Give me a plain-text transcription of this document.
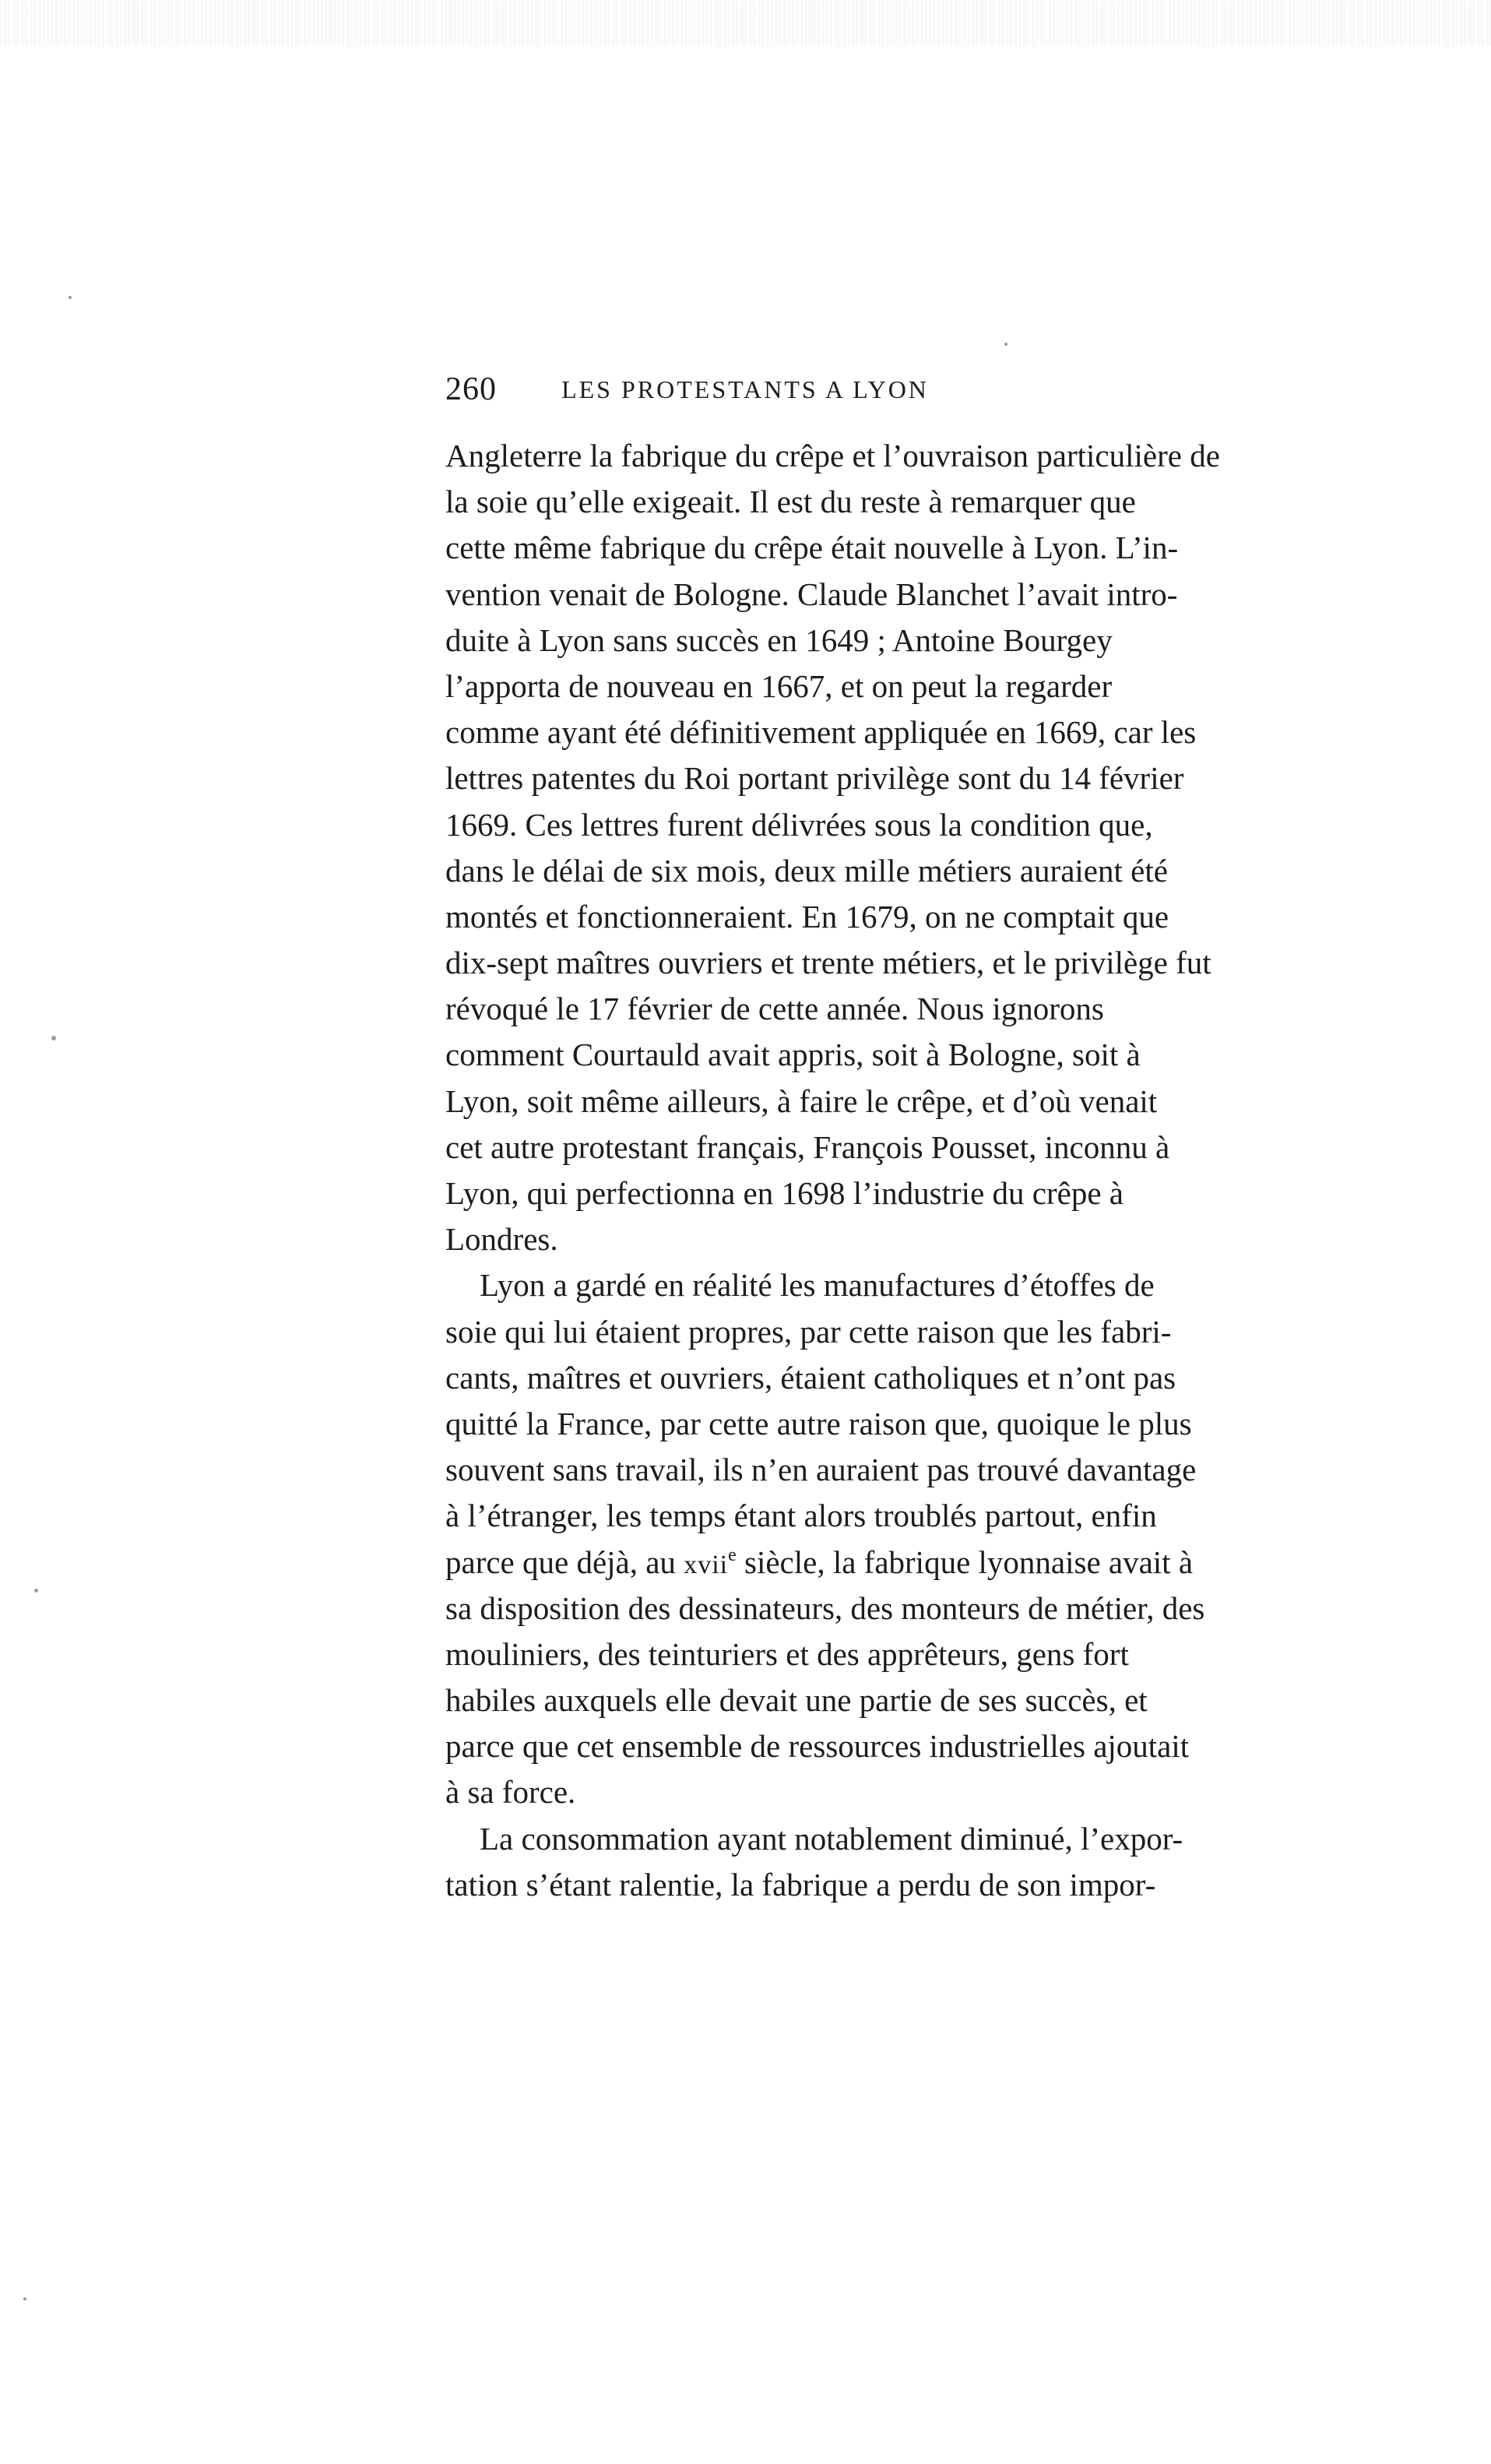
260	LES PROTESTANTS A LYON
Angleterre la fabrique du crêpe et l’ouvraison particulière de
la soie qu’elle exigeait. Il est du reste à remarquer que
cette même fabrique du crêpe était nouvelle à Lyon. L’in-
vention venait de Bologne. Claude Blanchet l’avait intro-
duite à Lyon sans succès en 1649 ; Antoine Bourgey
l’apporta de nouveau en 1667, et on peut la regarder
comme ayant été définitivement appliquée en 1669, car les
lettres patentes du Roi portant privilège sont du 14 février
1669. Ces lettres furent délivrées sous la condition que,
dans le délai de six mois, deux mille métiers auraient été
montés et fonctionneraient. En 1679, on ne comptait que
dix-sept maîtres ouvriers et trente métiers, et le privilège fut
révoqué le 17 février de cette année. Nous ignorons
comment Courtauld avait appris, soit à Bologne, soit à
Lyon, soit même ailleurs, à faire le crêpe, et d’où venait
cet autre protestant français, François Pousset, inconnu à
Lyon, qui perfectionna en 1698 l’industrie du crêpe à
Londres.
Lyon a gardé en réalité les manufactures d’étoffes de
soie qui lui étaient propres, par cette raison que les fabri-
cants, maîtres et ouvriers, étaient catholiques et n’ont pas
quitté la France, par cette autre raison que, quoique le plus
souvent sans travail, ils n’en auraient pas trouvé davantage
à l’étranger, les temps étant alors troublés partout, enfin
parce que déjà, au xvii$^e$ siècle, la fabrique lyonnaise avait à
sa disposition des dessinateurs, des monteurs de métier, des
mouliniers, des teinturiers et des apprêteurs, gens fort
habiles auxquels elle devait une partie de ses succès, et
parce que cet ensemble de ressources industrielles ajoutait
à sa force.
La consommation ayant notablement diminué, l’expor-
tation s’étant ralentie, la fabrique a perdu de son impor-
